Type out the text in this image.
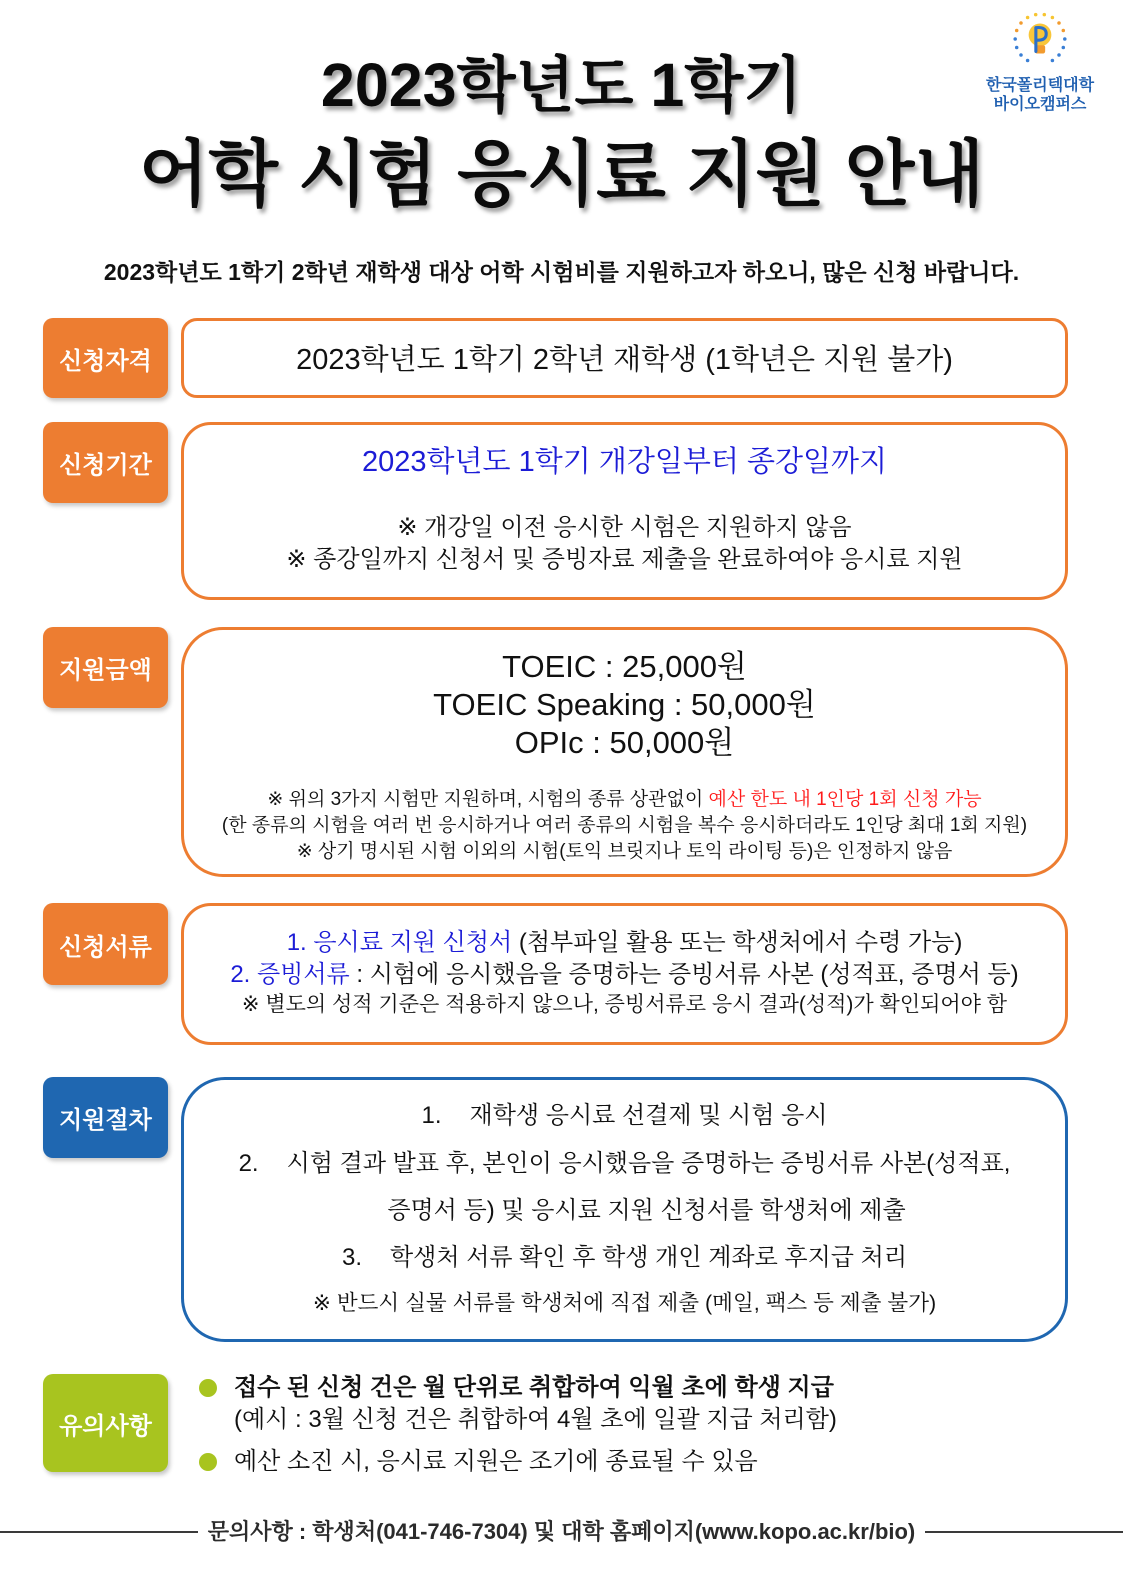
2023학년도 1학기
어학 시험 응시료 지원 안내
한국폴리텍대학
바이오캠퍼스
2023학년도 1학기 2학년 재학생 대상 어학 시험비를 지원하고자 하오니, 많은 신청 바랍니다.
신청자격	2023학년도 1학기 2학년 재학생 (1학년은 지원 불가)
신청기간	2023학년도 1학기 개강일부터 종강일까지
※ 개강일 이전 응시한 시험은 지원하지 않음
※ 종강일까지 신청서 및 증빙자료 제출을 완료하여야 응시료 지원
지원금액	TOEIC : 25,000원
TOEIC Speaking : 50,000원
OPIc : 50,000원
※ 위의 3가지 시험만 지원하며, 시험의 종류 상관없이 예산 한도 내 1인당 1회 신청 가능
(한 종류의 시험을 여러 번 응시하거나 여러 종류의 시험을 복수 응시하더라도 1인당 최대 1회 지원)
※ 상기 명시된 시험 이외의 시험(토익 브릿지나 토익 라이팅 등)은 인정하지 않음
신청서류	1. 응시료 지원 신청서 (첨부파일 활용 또는 학생처에서 수령 가능)
2. 증빙서류 : 시험에 응시했음을 증명하는 증빙서류 사본 (성적표, 증명서 등)
※ 별도의 성적 기준은 적용하지 않으나, 증빙서류로 응시 결과(성적)가 확인되어야 함
지원절차	1. 재학생 응시료 선결제 및 시험 응시
2. 시험 결과 발표 후, 본인이 응시했음을 증명하는 증빙서류 사본(성적표,
증명서 등) 및 응시료 지원 신청서를 학생처에 제출
3. 학생처 서류 확인 후 학생 개인 계좌로 후지급 처리
※ 반드시 실물 서류를 학생처에 직접 제출 (메일, 팩스 등 제출 불가)
유의사항
접수 된 신청 건은 월 단위로 취합하여 익월 초에 학생 지급
(예시 : 3월 신청 건은 취합하여 4월 초에 일괄 지급 처리함)
예산 소진 시, 응시료 지원은 조기에 종료될 수 있음
문의사항 : 학생처(041-746-7304) 및 대학 홈페이지(www.kopo.ac.kr/bio)
